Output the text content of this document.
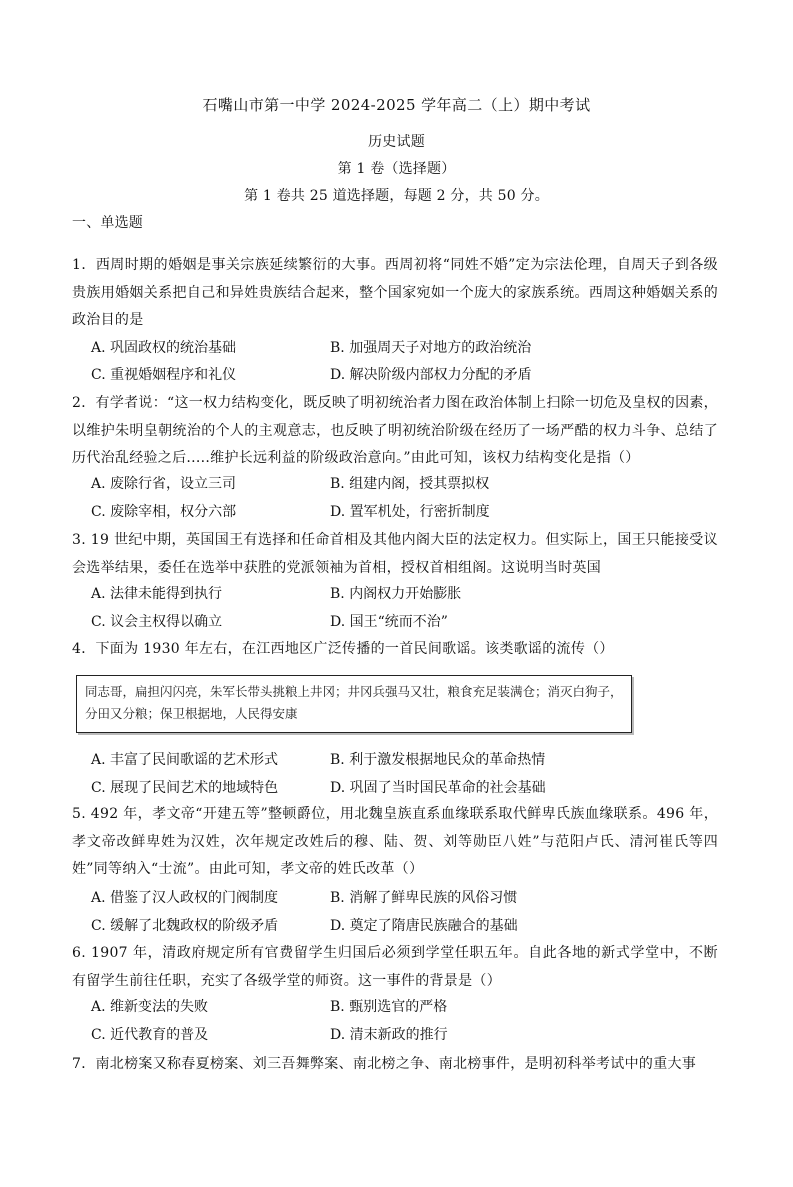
石嘴山市第一中学 2024-2025 学年高二（上）期中考试
历史试题
第 1 卷（选择题）
第 1 卷共 25 道选择题，每题 2 分，共 50 分。
一、单选题
1．西周时期的婚姻是事关宗族延续繁衍的大事。西周初将“同姓不婚”定为宗法伦理，自周天子到各级贵族用婚姻关系把自己和异姓贵族结合起来，整个国家宛如一个庞大的家族系统。西周这种婚姻关系的政治目的是
A. 巩固政权的统治基础	B. 加强周天子对地方的政治统治
C. 重视婚姻程序和礼仪	D. 解决阶级内部权力分配的矛盾
2．有学者说：“这一权力结构变化，既反映了明初统治者力图在政治体制上扫除一切危及皇权的因素，以维护朱明皇朝统治的个人的主观意志，也反映了明初统治阶级在经历了一场严酷的权力斗争、总结了历代治乱经验之后.....维护长远利益的阶级政治意向。”由此可知，该权力结构变化是指（）
A. 废除行省，设立三司	B. 组建内阁，授其票拟权
C. 废除宰相，权分六部	D. 置军机处，行密折制度
3. 19 世纪中期，英国国王有选择和任命首相及其他内阁大臣的法定权力。但实际上，国王只能接受议会选举结果，委任在选举中获胜的党派领袖为首相，授权首相组阁。这说明当时英国
A. 法律未能得到执行	B. 内阁权力开始膨胀
C. 议会主权得以确立	D. 国王“统而不治”
4．下面为 1930 年左右，在江西地区广泛传播的一首民间歌谣。该类歌谣的流传（）
同志哥，扁担闪闪亮，朱军长带头挑粮上井冈；井冈兵强马又壮，粮食充足装满仓；消灭白狗子，分田又分粮；保卫根据地，人民得安康
A. 丰富了民间歌谣的艺术形式	B. 利于激发根据地民众的革命热情
C. 展现了民间艺术的地域特色	D. 巩固了当时国民革命的社会基础
5. 492 年，孝文帝“开建五等”整顿爵位，用北魏皇族直系血缘联系取代鲜卑氏族血缘联系。496 年，孝文帝改鲜卑姓为汉姓，次年规定改姓后的穆、陆、贺、刘等勋臣八姓”与范阳卢氏、清河崔氏等四姓”同等纳入“士流”。由此可知，孝文帝的姓氏改革（）
A. 借鉴了汉人政权的门阀制度	B. 消解了鲜卑民族的风俗习惯
C. 缓解了北魏政权的阶级矛盾	D. 奠定了隋唐民族融合的基础
6. 1907 年，清政府规定所有官费留学生归国后必须到学堂任职五年。自此各地的新式学堂中，不断有留学生前往任职，充实了各级学堂的师资。这一事件的背景是（）
A. 维新变法的失败	B. 甄别选官的严格
C. 近代教育的普及	D. 清末新政的推行
7．南北榜案又称春夏榜案、刘三吾舞弊案、南北榜之争、南北榜事件，是明初科举考试中的重大事
